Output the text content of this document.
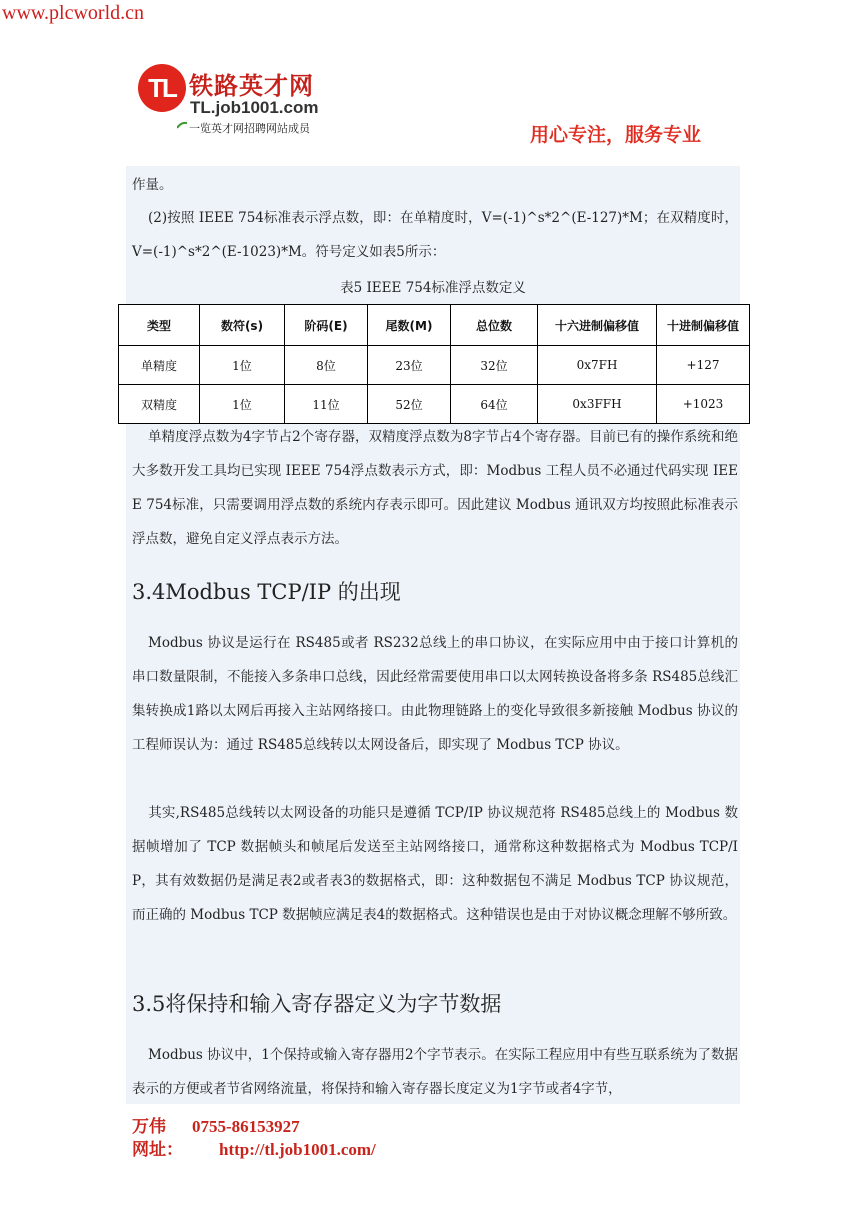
www.plcworld.cn
TL 铁路英才网
TL.job1001.com
一览英才网招聘网站成员	用心专注，服务专业

作量。

(2)按照 IEEE 754标准表示浮点数，即：在单精度时，V=(-1)^s*2^(E-127)*M；在双精度时，V=(-1)^s*2^(E-1023)*M。符号定义如表5所示：

表5 IEEE 754标准浮点数定义
类型	数符(s)	阶码(E)	尾数(M)	总位数	十六进制偏移值	十进制偏移值
单精度	1位	8位	23位	32位	0x7FH	+127
双精度	1位	11位	52位	64位	0x3FFH	+1023

单精度浮点数为4字节占2个寄存器，双精度浮点数为8字节占4个寄存器。目前已有的操作系统和绝大多数开发工具均已实现 IEEE 754浮点数表示方式，即：Modbus 工程人员不必通过代码实现 IEEE 754标准，只需要调用浮点数的系统内存表示即可。因此建议 Modbus 通讯双方均按照此标准表示浮点数，避免自定义浮点表示方法。

3.4Modbus TCP/IP 的出现

Modbus 协议是运行在 RS485或者 RS232总线上的串口协议，在实际应用中由于接口计算机的串口数量限制，不能接入多条串口总线，因此经常需要使用串口以太网转换设备将多条 RS485总线汇集转换成1路以太网后再接入主站网络接口。由此物理链路上的变化导致很多新接触 Modbus 协议的工程师误认为：通过 RS485总线转以太网设备后，即实现了 Modbus TCP 协议。

其实,RS485总线转以太网设备的功能只是遵循 TCP/IP 协议规范将 RS485总线上的 Modbus 数据帧增加了 TCP 数据帧头和帧尾后发送至主站网络接口，通常称这种数据格式为 Modbus TCP/IP，其有效数据仍是满足表2或者表3的数据格式，即：这种数据包不满足 Modbus TCP 协议规范，而正确的 Modbus TCP 数据帧应满足表4的数据格式。这种错误也是由于对协议概念理解不够所致。

3.5将保持和输入寄存器定义为字节数据

Modbus 协议中，1个保持或输入寄存器用2个字节表示。在实际工程应用中有些互联系统为了数据表示的方便或者节省网络流量，将保持和输入寄存器长度定义为1字节或者4字节，

万伟 0755-86153927
网址： http://tl.job1001.com/
